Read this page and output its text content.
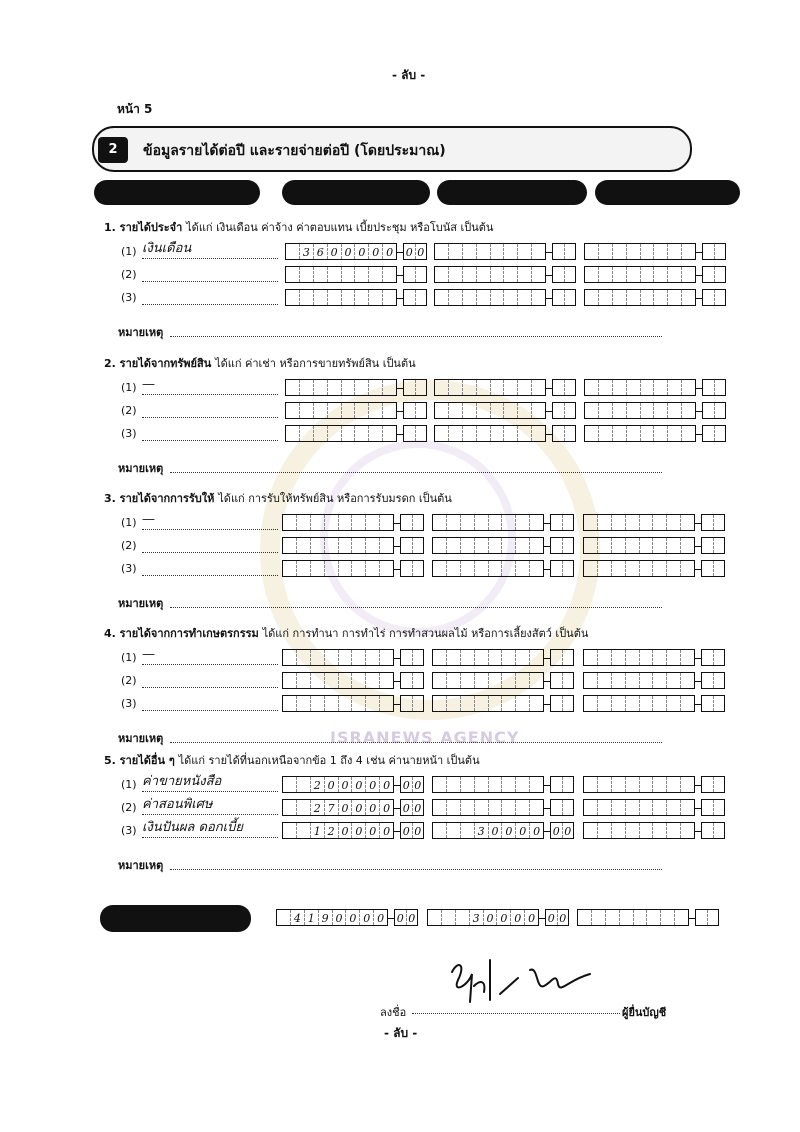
- ลับ -
หน้า 5
2	ข้อมูลรายได้ต่อปี และรายจ่ายต่อปี (โดยประมาณ)
ISRANEWS AGENCY
1. รายได้ประจำ ได้แก่ เงินเดือน ค่าจ้าง ค่าตอบแทน เบี้ยประชุม หรือโบนัส เป็นต้น
(1) เงินเดือน	3 6 0 0 0 0 0 0 0
(2)
(3)
หมายเหตุ
2. รายได้จากทรัพย์สิน ได้แก่ ค่าเช่า หรือการขายทรัพย์สิน เป็นต้น
(1) —
(2)
(3)
หมายเหตุ
3. รายได้จากการรับให้ ได้แก่ การรับให้ทรัพย์สิน หรือการรับมรดก เป็นต้น
(1) —
(2)
(3)
หมายเหตุ
4. รายได้จากการทำเกษตรกรรม ได้แก่ การทำนา การทำไร่ การทำสวนผลไม้ หรือการเลี้ยงสัตว์ เป็นต้น
(1) —
(2)
(3)
หมายเหตุ
5. รายได้อื่น ๆ ได้แก่ รายได้ที่นอกเหนือจากข้อ 1 ถึง 4 เช่น ค่านายหน้า เป็นต้น
(1) ค่าขายหนังสือ	2 0 0 0 0 0 0 0
(2) ค่าสอนพิเศษ	2 7 0 0 0 0 0 0
(3) เงินปันผล ดอกเบี้ย	1 2 0 0 0 0 0 0	3 0 0 0 0 0 0
หมายเหตุ
4 1 9 0 0 0 0 0 0	3 0 0 0 0 0 0
ลงชื่อ	ผู้ยื่นบัญชี
- ลับ -
